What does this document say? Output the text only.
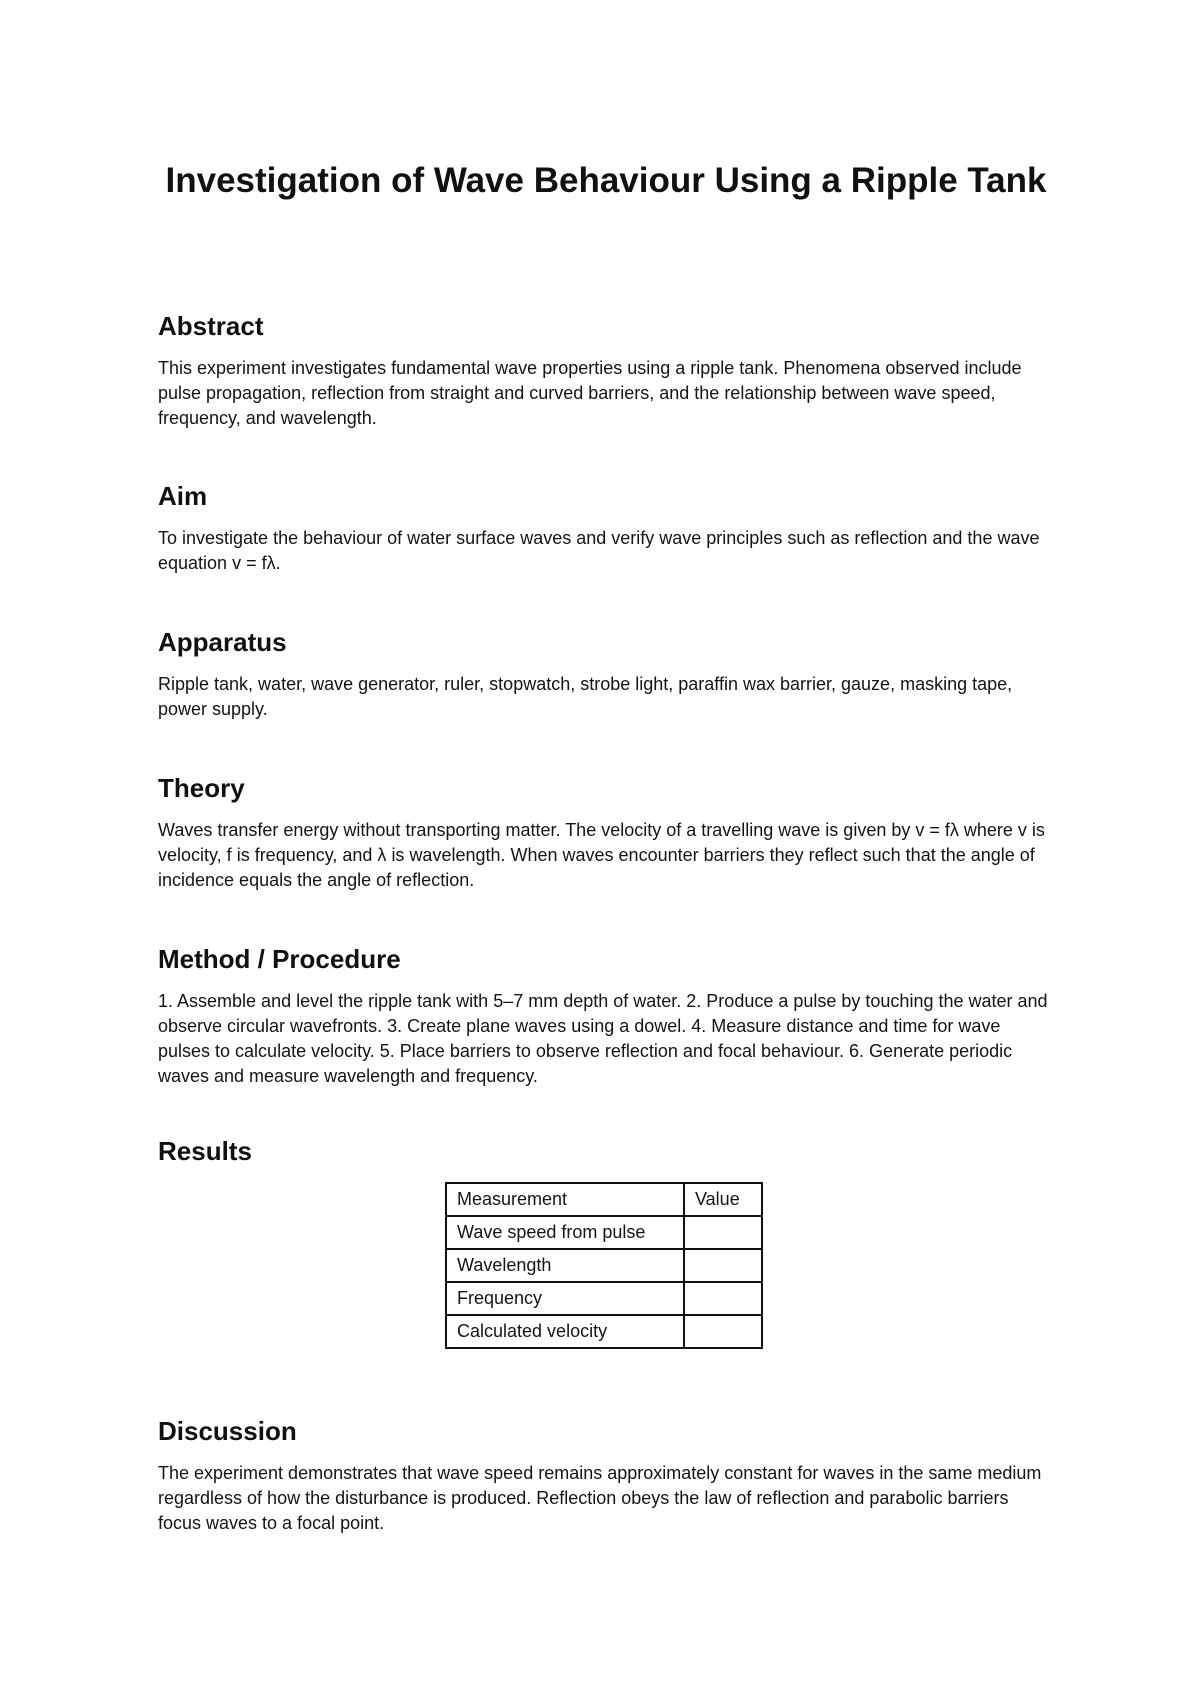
Investigation of Wave Behaviour Using a Ripple Tank
Abstract

This experiment investigates fundamental wave properties using a ripple tank. Phenomena observed include pulse propagation, reflection from straight and curved barriers, and the relationship between wave speed, frequency, and wavelength.

Aim

To investigate the behaviour of water surface waves and verify wave principles such as reflection and the wave equation v = fλ.

Apparatus

Ripple tank, water, wave generator, ruler, stopwatch, strobe light, paraffin wax barrier, gauze, masking tape, power supply.

Theory

Waves transfer energy without transporting matter. The velocity of a travelling wave is given by v = fλ where v is velocity, f is frequency, and λ is wavelength. When waves encounter barriers they reflect such that the angle of incidence equals the angle of reflection.

Method / Procedure

1. Assemble and level the ripple tank with 5–7 mm depth of water. 2. Produce a pulse by touching the water and observe circular wavefronts. 3. Create plane waves using a dowel. 4. Measure distance and time for wave pulses to calculate velocity. 5. Place barriers to observe reflection and focal behaviour. 6. Generate periodic waves and measure wavelength and frequency.

Results
Measurement	Value
Wave speed from pulse	
Wavelength	
Frequency	
Calculated velocity	
Discussion

The experiment demonstrates that wave speed remains approximately constant for waves in the same medium regardless of how the disturbance is produced. Reflection obeys the law of reflection and parabolic barriers focus waves to a focal point.
